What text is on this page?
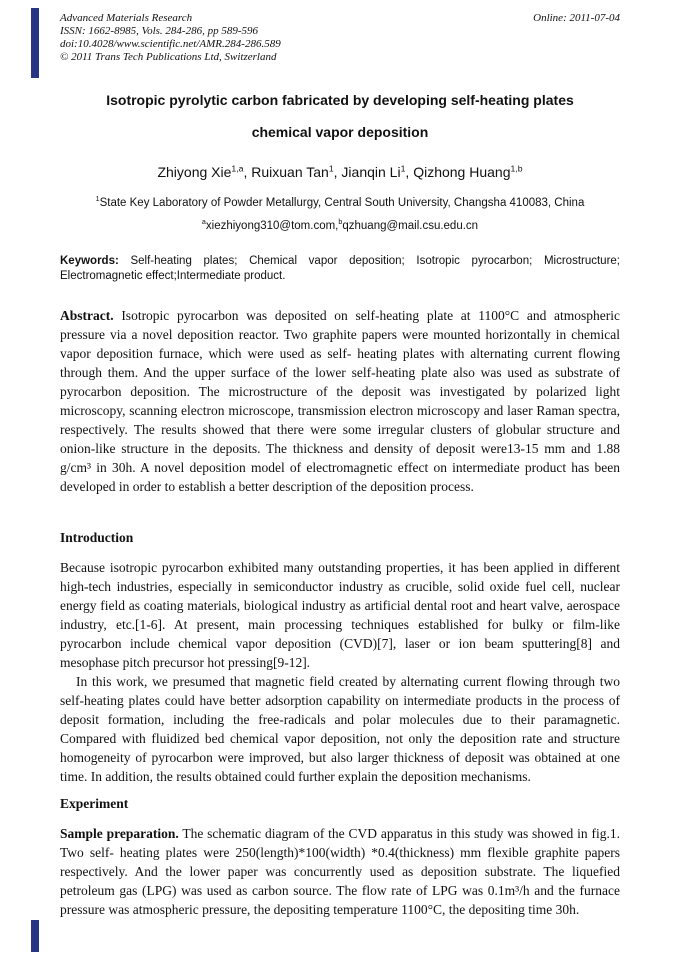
Advanced Materials Research
ISSN: 1662-8985, Vols. 284-286, pp 589-596
doi:10.4028/www.scientific.net/AMR.284-286.589
© 2011 Trans Tech Publications Ltd, Switzerland
Online: 2011-07-04
Isotropic pyrolytic carbon fabricated by developing self-heating plates
chemical vapor deposition
Zhiyong Xie$^{1,a}$, Ruixuan Tan$^1$, Jianqin Li$^1$, Qizhong Huang$^{1,b}$
$^1$State Key Laboratory of Powder Metallurgy, Central South University, Changsha 410083, China
$^a$xiezhiyong310@tom.com,$^b$qzhuang@mail.csu.edu.cn

Keywords: Self-heating plates; Chemical vapor deposition; Isotropic pyrocarbon; Microstructure; Electromagnetic effect;Intermediate product.

Abstract. Isotropic pyrocarbon was deposited on self-heating plate at 1100°C and atmospheric pressure via a novel deposition reactor. Two graphite papers were mounted horizontally in chemical vapor deposition furnace, which were used as self- heating plates with alternating current flowing through them. And the upper surface of the lower self-heating plate also was used as substrate of pyrocarbon deposition. The microstructure of the deposit was investigated by polarized light microscopy, scanning electron microscope, transmission electron microscopy and laser Raman spectra, respectively. The results showed that there were some irregular clusters of globular structure and onion-like structure in the deposits. The thickness and density of deposit were13-15 mm and 1.88 g/cm³ in 30h. A novel deposition model of electromagnetic effect on intermediate product has been developed in order to establish a better description of the deposition process.

Introduction

Because isotropic pyrocarbon exhibited many outstanding properties, it has been applied in different high-tech industries, especially in semiconductor industry as crucible, solid oxide fuel cell, nuclear energy field as coating materials, biological industry as artificial dental root and heart valve, aerospace industry, etc.[1-6]. At present, main processing techniques established for bulky or film-like pyrocarbon include chemical vapor deposition (CVD)[7], laser or ion beam sputtering[8] and mesophase pitch precursor hot pressing[9-12].

In this work, we presumed that magnetic field created by alternating current flowing through two self-heating plates could have better adsorption capability on intermediate products in the process of deposit formation, including the free-radicals and polar molecules due to their paramagnetic. Compared with fluidized bed chemical vapor deposition, not only the deposition rate and structure homogeneity of pyrocarbon were improved, but also larger thickness of deposit was obtained at one time. In addition, the results obtained could further explain the deposition mechanisms.

Experiment

Sample preparation. The schematic diagram of the CVD apparatus in this study was showed in fig.1. Two self- heating plates were 250(length)*100(width) *0.4(thickness) mm flexible graphite papers respectively. And the lower paper was concurrently used as deposition substrate. The liquefied petroleum gas (LPG) was used as carbon source. The flow rate of LPG was 0.1m³/h and the furnace pressure was atmospheric pressure, the depositing temperature 1100°C, the depositing time 30h.
